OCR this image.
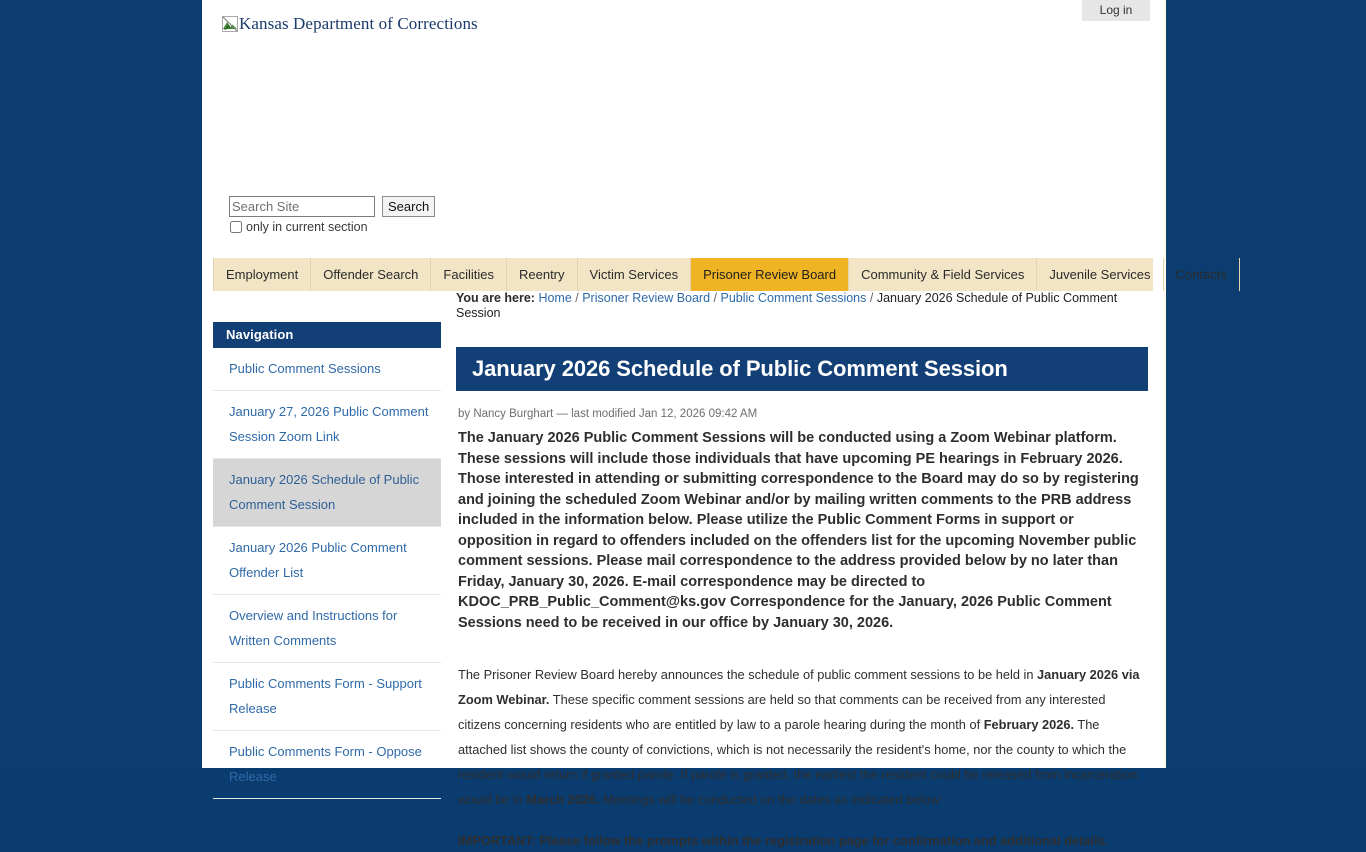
Log in
Kansas Department of Corrections
Search Site
Search
only in current section
Employment	Offender Search	Facilities	Reentry	Victim Services	Prisoner Review Board	Community & Field Services	Juvenile Services	Contacts
You are here: Home / Prisoner Review Board / Public Comment Sessions / January 2026 Schedule of Public Comment Session
Navigation
Public Comment Sessions
January 27, 2026 Public Comment Session Zoom Link
January 2026 Schedule of Public Comment Session
January 2026 Public Comment Offender List
Overview and Instructions for Written Comments
Public Comments Form - Support Release
Public Comments Form - Oppose Release
January 2026 Schedule of Public Comment Session
by Nancy Burghart — last modified Jan 12, 2026 09:42 AM

The January 2026 Public Comment Sessions will be conducted using a Zoom Webinar platform. These sessions will include those individuals that have upcoming PE hearings in February 2026. Those interested in attending or submitting correspondence to the Board may do so by registering and joining the scheduled Zoom Webinar and/or by mailing written comments to the PRB address included in the information below. Please utilize the Public Comment Forms in support or opposition in regard to offenders included on the offenders list for the upcoming November public comment sessions. Please mail correspondence to the address provided below by no later than Friday, January 30, 2026. E-mail correspondence may be directed to KDOC_PRB_Public_Comment@ks.gov Correspondence for the January, 2026 Public Comment Sessions need to be received in our office by January 30, 2026.

The Prisoner Review Board hereby announces the schedule of public comment sessions to be held in January 2026 via Zoom Webinar. These specific comment sessions are held so that comments can be received from any interested citizens concerning residents who are entitled by law to a parole hearing during the month of February 2026. The attached list shows the county of convictions, which is not necessarily the resident's home, nor the county to which the resident would return if granted parole. If parole is granted, the earliest the resident could be released from incarceration would be in March 2026. Meetings will be conducted on the dates as indicated below:

IMPORTANT: Please follow the prompts within the registration page for confirmation and additional details.
